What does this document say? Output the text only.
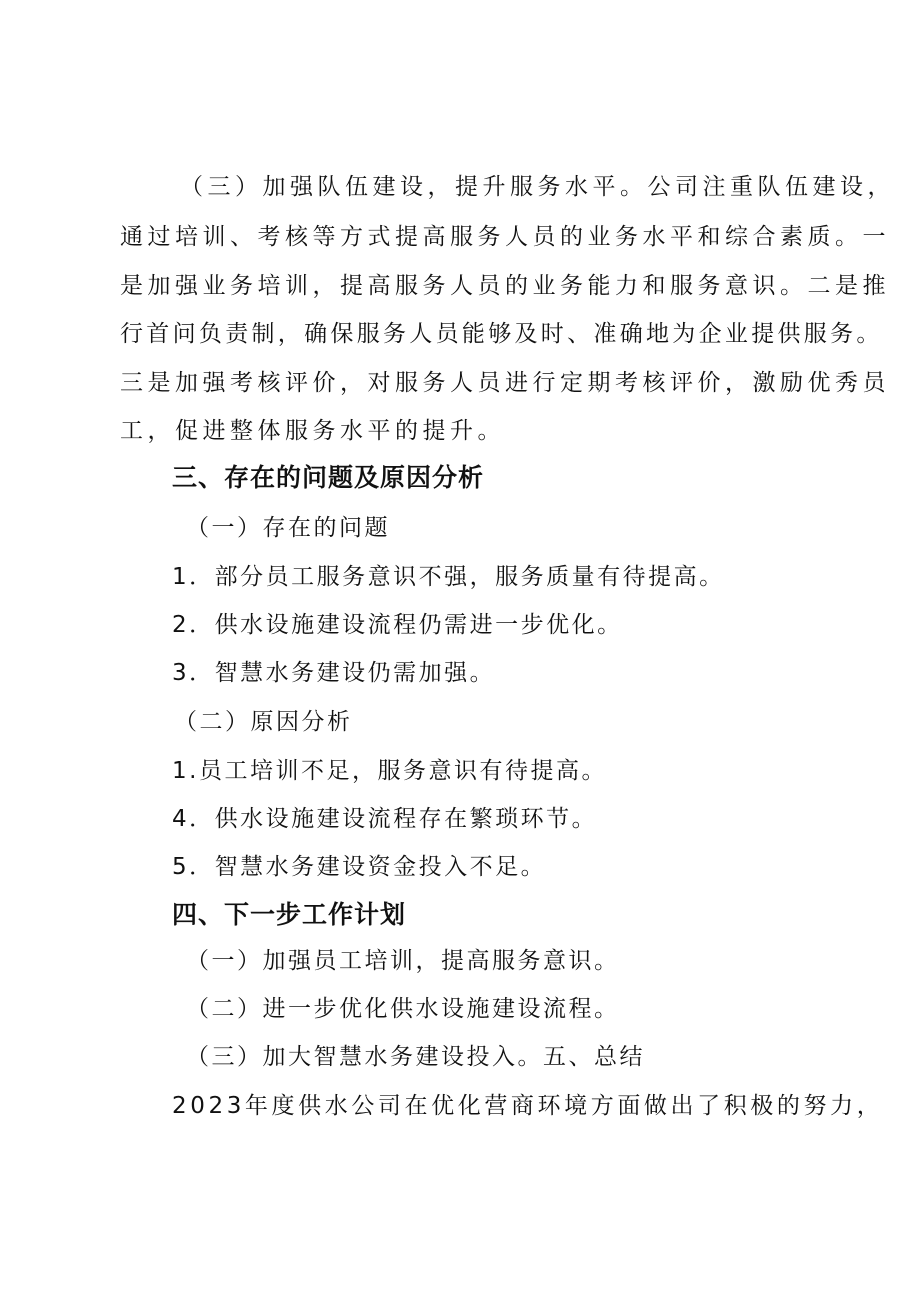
（三）加强队伍建设，提升服务水平。公司注重队伍建设，
通过培训、考核等方式提高服务人员的业务水平和综合素质。一
是加强业务培训，提高服务人员的业务能力和服务意识。二是推
行首问负责制，确保服务人员能够及时、准确地为企业提供服务。
三是加强考核评价，对服务人员进行定期考核评价，激励优秀员
工，促进整体服务水平的提升。
三、存在的问题及原因分析
（一）存在的问题
1．部分员工服务意识不强，服务质量有待提高。
2．供水设施建设流程仍需进一步优化。
3．智慧水务建设仍需加强。
（二）原因分析
1.员工培训不足，服务意识有待提高。
4．供水设施建设流程存在繁琐环节。
5．智慧水务建设资金投入不足。
四、下一步工作计划
（一）加强员工培训，提高服务意识。
（二）进一步优化供水设施建设流程。
（三）加大智慧水务建设投入。五、总结
2023年度供水公司在优化营商环境方面做出了积极的努力，
